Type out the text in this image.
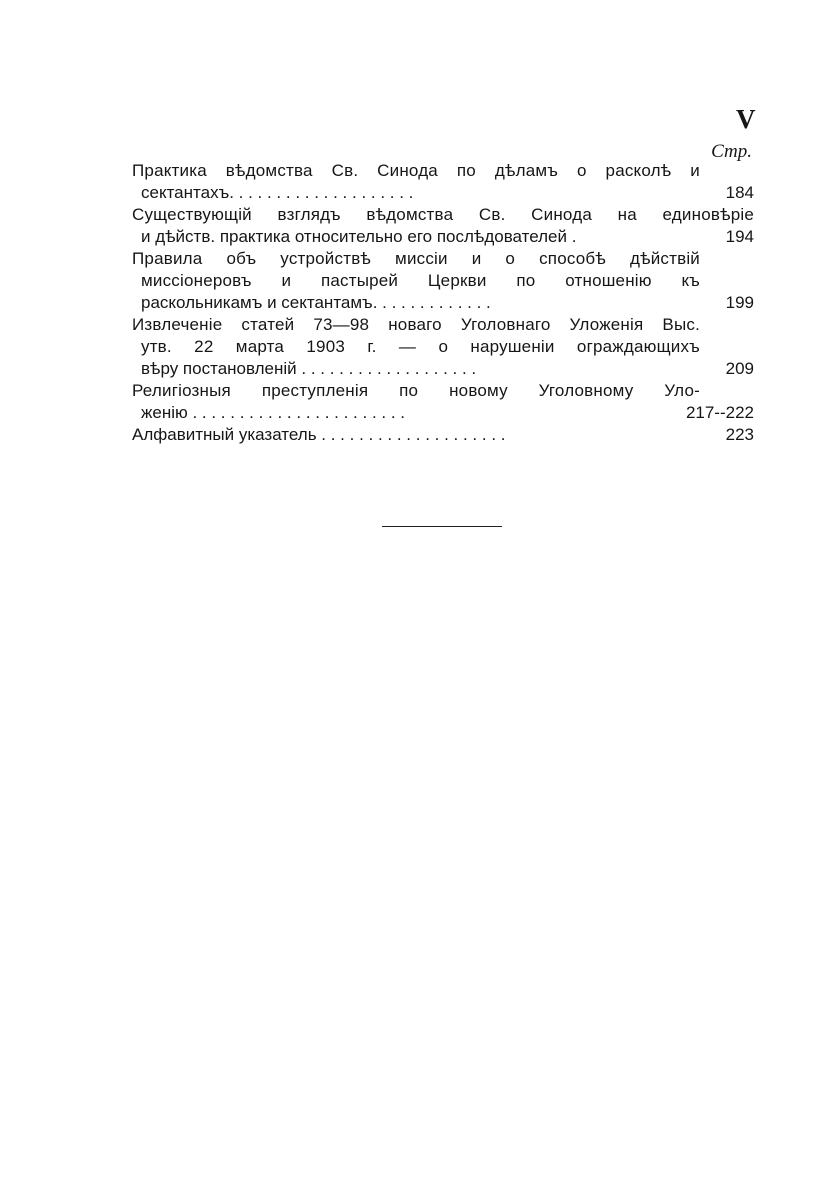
V
Стр.
Практика вѣдомства Св. Синода по дѣламъ о расколѣ и
сектантахъ. . . . . . . . . . . . . . . . . . . .	184
Существующій взглядъ вѣдомства Св. Синода на единовѣріе
и дѣйств. практика относительно его послѣдователей .	194
Правила объ устройствѣ миссіи и о способѣ дѣйствій
миссіонеровъ и пастырей Церкви по отношенію къ
раскольникамъ и сектантамъ. . . . . . . . . . . . .	199
Извлеченіе статей 73—98 новаго Уголовнаго Уложенія Выс.
утв. 22 марта 1903 г. — о нарушеніи ограждающихъ
вѣру постановленій . . . . . . . . . . . . . . . . . . .	209
Религіозныя преступленія по новому Уголовному Уло-
женію . . . . . . . . . . . . . . . . . . . . . . .	217--222
Алфавитный указатель . . . . . . . . . . . . . . . . . . . .	223
